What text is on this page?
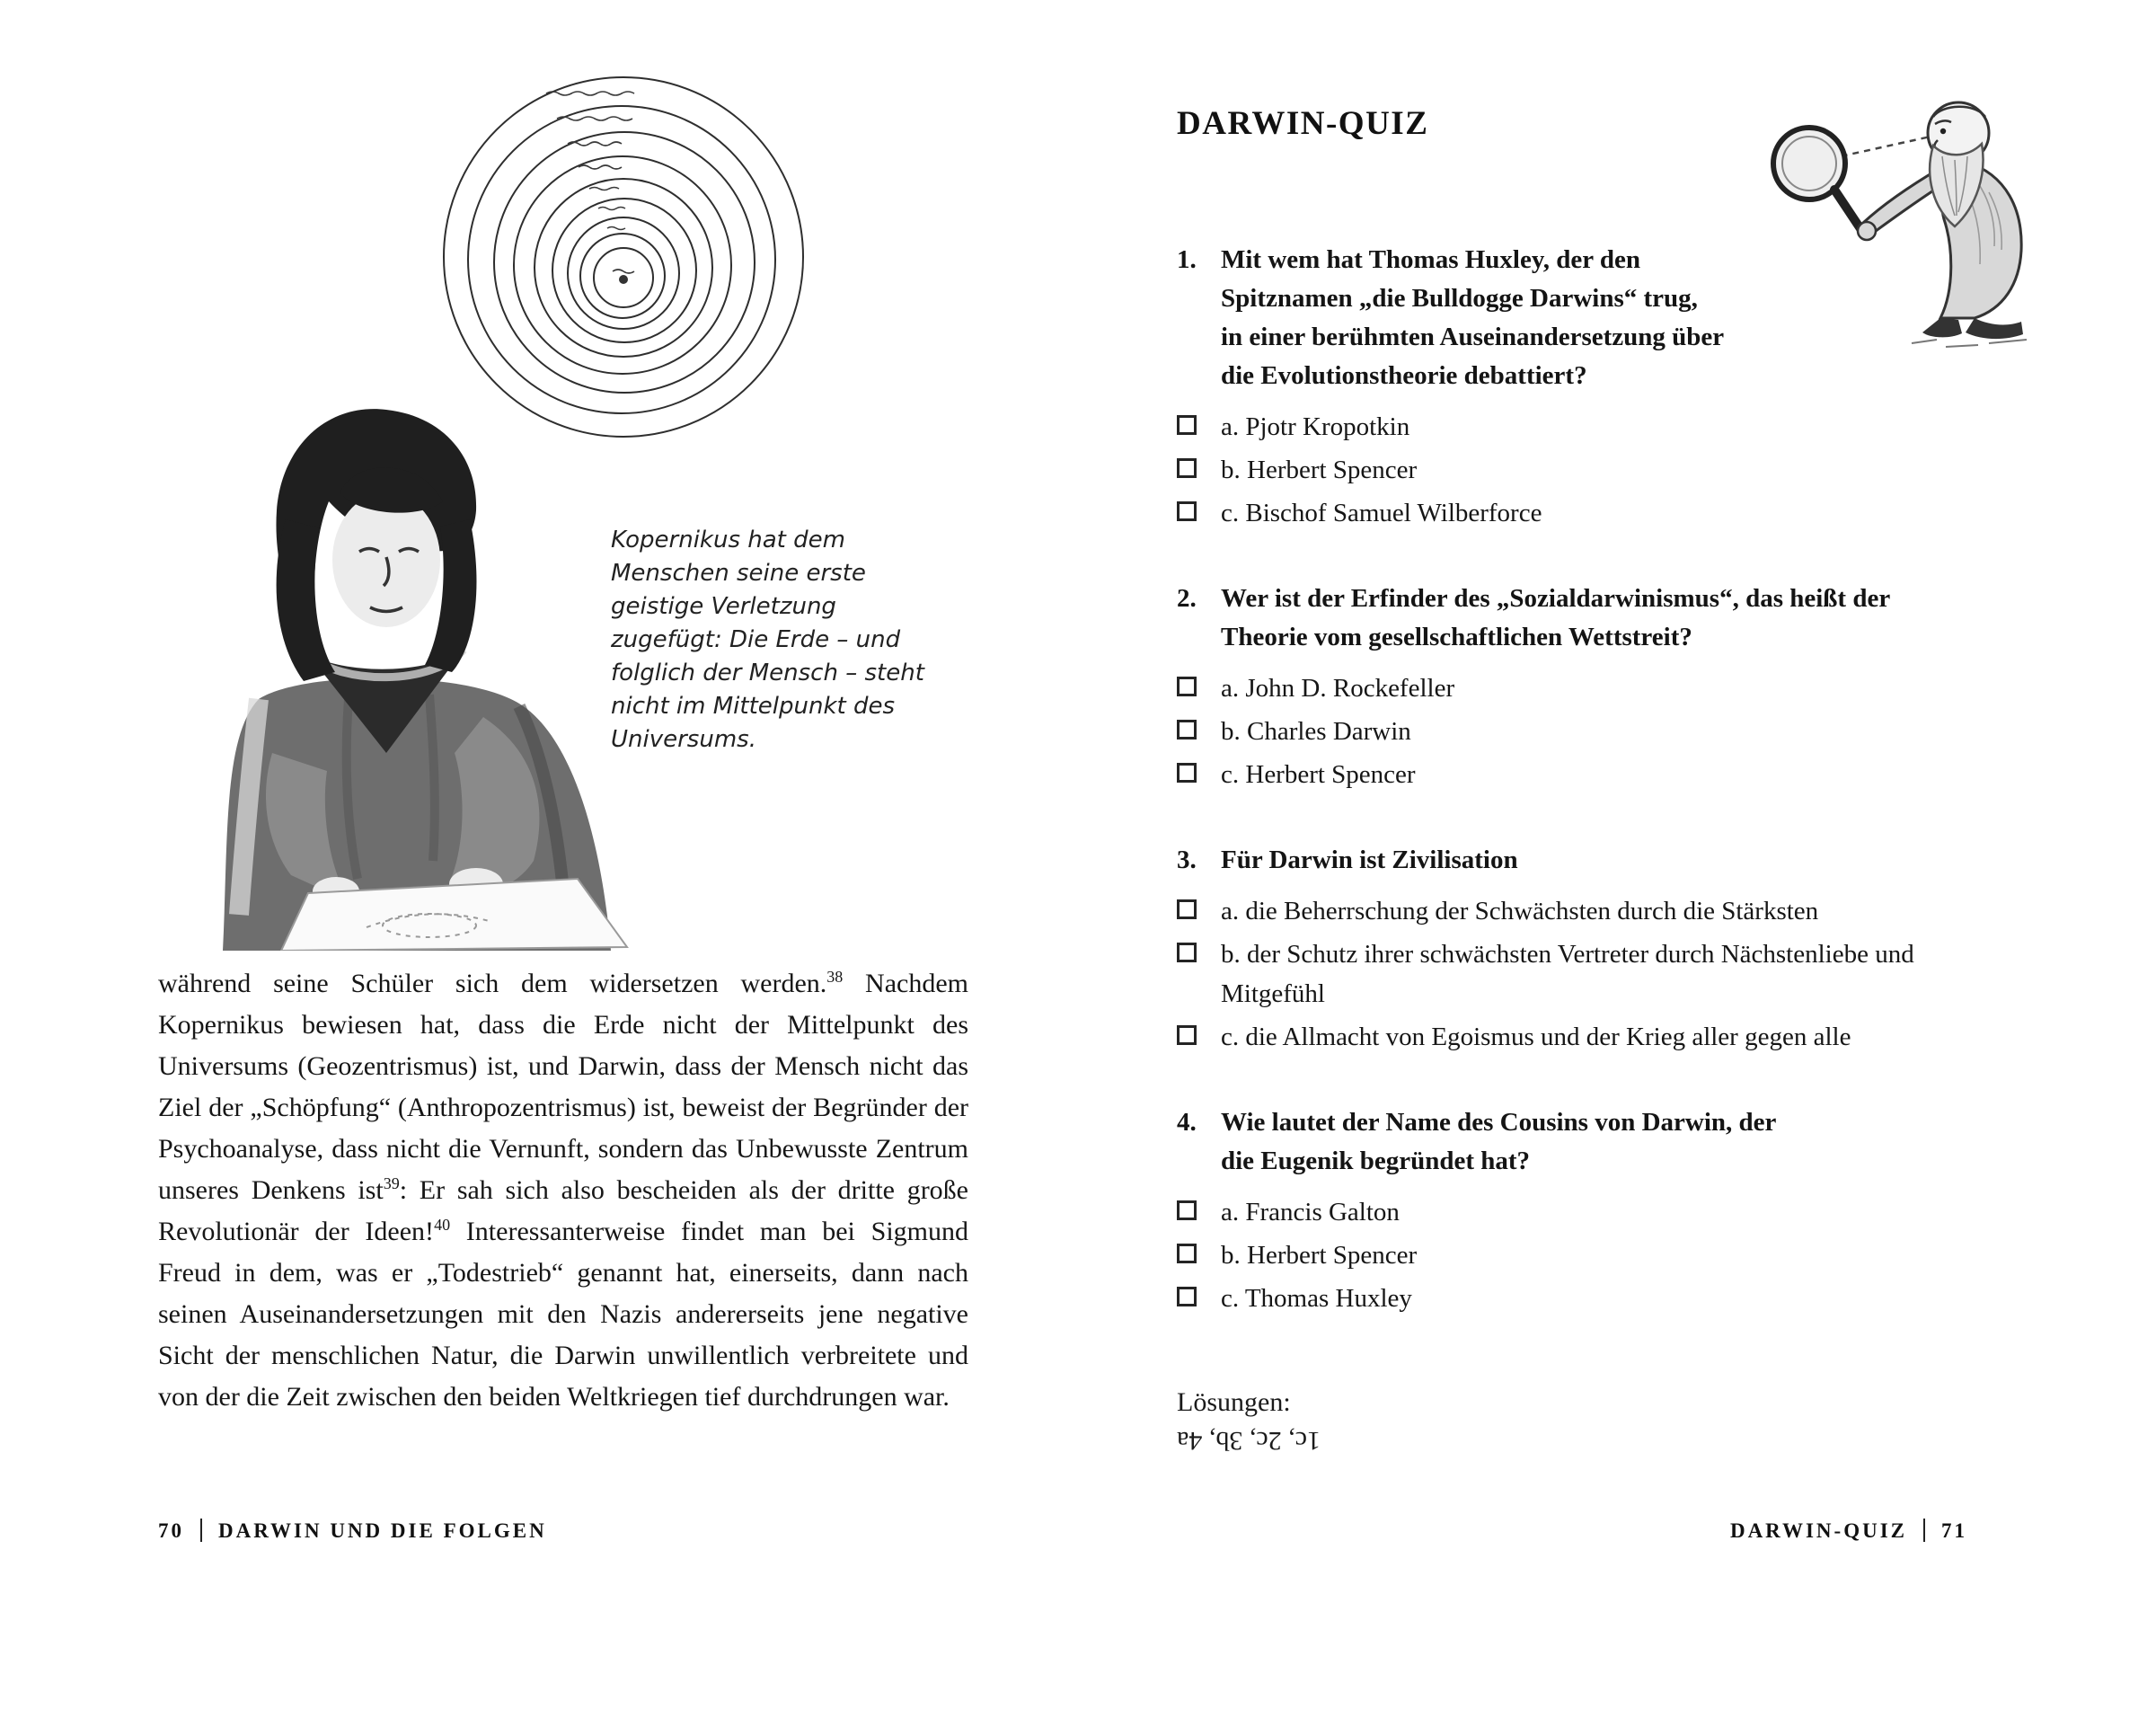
Kopernikus hat dem Menschen seine erste geistige Verletzung zugefügt: Die Erde – und folglich der Mensch – steht nicht im Mittelpunkt des Universums.

während seine Schüler sich dem widersetzen werden.$^{38}$ Nachdem Kopernikus bewiesen hat, dass die Erde nicht der Mittelpunkt des Universums (Geozentrismus) ist, und Darwin, dass der Mensch nicht das Ziel der „Schöpfung“ (Anthropozentrismus) ist, beweist der Begründer der Psychoanalyse, dass nicht die Vernunft, sondern das Unbewusste Zentrum unseres Denkens ist$^{39}$: Er sah sich also bescheiden als der dritte große Revolutionär der Ideen!$^{40}$ Interessanterweise findet man bei Sigmund Freud in dem, was er „Todestrieb“ genannt hat, einerseits, dann nach seinen Auseinandersetzungen mit den Nazis andererseits jene negative Sicht der menschlichen Natur, die Darwin unwillentlich verbreitete und von der die Zeit zwischen den beiden Weltkriegen tief durchdrungen war.

70 DARWIN UND DIE FOLGEN
DARWIN-QUIZ
1. Mit wem hat Thomas Huxley, der den Spitznamen „die Bulldogge Darwins“ trug, in einer berühmten Auseinandersetzung über die Evolutionstheorie debattiert?
a. Pjotr Kropotkin
b. Herbert Spencer
c. Bischof Samuel Wilberforce
2. Wer ist der Erfinder des „Sozialdarwinismus“, das heißt der Theorie vom gesellschaftlichen Wettstreit?
a. John D. Rockefeller
b. Charles Darwin
c. Herbert Spencer
3. Für Darwin ist Zivilisation
a. die Beherrschung der Schwächsten durch die Stärksten
b. der Schutz ihrer schwächsten Vertreter durch Nächstenliebe und Mitgefühl
c. die Allmacht von Egoismus und der Krieg aller gegen alle
4. Wie lautet der Name des Cousins von Darwin, der die Eugenik begründet hat?
a. Francis Galton
b. Herbert Spencer
c. Thomas Huxley
Lösungen:
1c, 2c, 3b, 4a
DARWIN-QUIZ 71
